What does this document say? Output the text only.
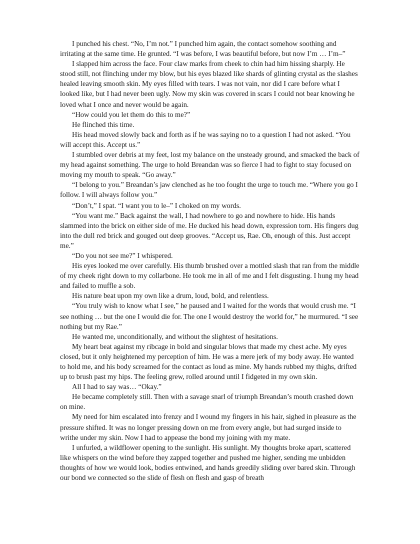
I punched his chest. “No, I’m not.” I punched him again, the contact somehow soothing and irritating at the same time. He grunted. “I was before, I was beautiful before, but now I’m … I’m–”

I slapped him across the face. Four claw marks from cheek to chin had him hissing sharply. He stood still, not flinching under my blow, but his eyes blazed like shards of glinting crystal as the slashes healed leaving smooth skin. My eyes filled with tears. I was not vain, nor did I care before what I looked like, but I had never been ugly. Now my skin was covered in scars I could not bear knowing he loved what I once and never would be again.

“How could you let them do this to me?”

He flinched this time.

His head moved slowly back and forth as if he was saying no to a question I had not asked. “You will accept this. Accept us.”

I stumbled over debris at my feet, lost my balance on the unsteady ground, and smacked the back of my head against something. The urge to hold Breandan was so fierce I had to fight to stay focused on moving my mouth to speak. “Go away.”

“I belong to you.” Breandan’s jaw clenched as he too fought the urge to touch me. “Where you go I follow. I will always follow you.”

“Don’t,” I spat. “I want you to le–” I choked on my words.

“You want me.” Back against the wall, I had nowhere to go and nowhere to hide. His hands slammed into the brick on either side of me. He ducked his head down, expression torn. His fingers dug into the dull red brick and gouged out deep grooves. “Accept us, Rae. Oh, enough of this. Just accept me.”

“Do you not see me?” I whispered.

His eyes looked me over carefully. His thumb brushed over a mottled slash that ran from the middle of my cheek right down to my collarbone. He took me in all of me and I felt disgusting. I hung my head and failed to muffle a sob.

His nature beat upon my own like a drum, loud, bold, and relentless.

“You truly wish to know what I see,” he paused and I waited for the words that would crush me. “I see nothing … but the one I would die for. The one I would destroy the world for,” he murmured. “I see nothing but my Rae.”

He wanted me, unconditionally, and without the slightest of hesitations.

My heart beat against my ribcage in bold and singular blows that made my chest ache. My eyes closed, but it only heightened my perception of him. He was a mere jerk of my body away. He wanted to hold me, and his body screamed for the contact as loud as mine. My hands rubbed my thighs, drifted up to brush past my hips. The feeling grew, rolled around until I fidgeted in my own skin.

All I had to say was… “Okay.”

He became completely still. Then with a savage snarl of triumph Breandan’s mouth crashed down on mine.

My need for him escalated into frenzy and I wound my fingers in his hair, sighed in pleasure as the pressure shifted. It was no longer pressing down on me from every angle, but had surged inside to writhe under my skin. Now I had to appease the bond my joining with my mate.

I unfurled, a wildflower opening to the sunlight. His sunlight. My thoughts broke apart, scattered like whispers on the wind before they zapped together and pushed me higher, sending me unbidden thoughts of how we would look, bodies entwined, and hands greedily sliding over bared skin. Through our bond we connected so the slide of flesh on flesh and gasp of breath
